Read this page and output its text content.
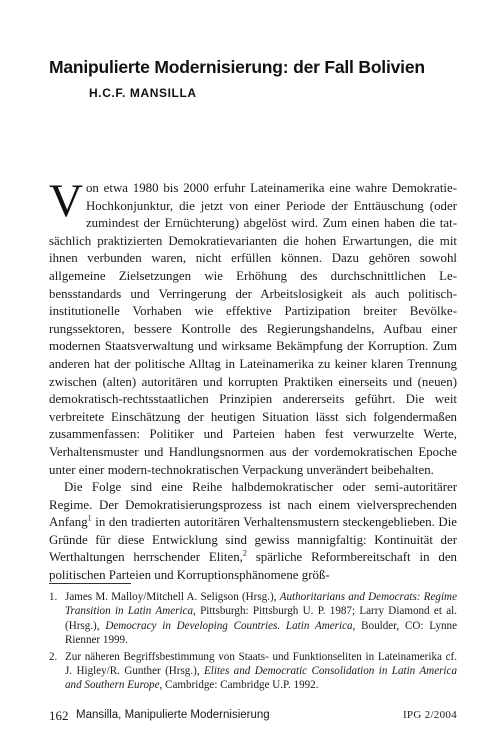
Manipulierte Modernisierung: der Fall Bolivien
H.C.F. MANSILLA

Von etwa 1980 bis 2000 erfuhr Lateinamerika eine wahre Demokratie-Hochkonjunktur, die jetzt von einer Periode der Enttäuschung (oder zumindest der Ernüchterung) abgelöst wird. Zum einen haben die tatsächlich praktizierten Demokratievarianten die hohen Erwartungen, die mit ihnen verbunden waren, nicht erfüllen können. Dazu gehören sowohl allgemeine Zielsetzungen wie Erhöhung des durchschnittlichen Lebensstandards und Verringerung der Arbeitslosigkeit als auch politisch-institutionelle Vorhaben wie effektive Partizipation breiter Bevölkerungssektoren, bessere Kontrolle des Regierungshandelns, Aufbau einer modernen Staatsverwaltung und wirksame Bekämpfung der Korruption. Zum anderen hat der politische Alltag in Lateinamerika zu keiner klaren Trennung zwischen (alten) autoritären und korrupten Praktiken einerseits und (neuen) demokratisch-rechtsstaatlichen Prinzipien andererseits geführt. Die weit verbreitete Einschätzung der heutigen Situation lässt sich folgendermaßen zusammenfassen: Politiker und Parteien haben fest verwurzelte Werte, Verhaltensmuster und Handlungsnormen aus der vordemokratischen Epoche unter einer modern-technokratischen Verpackung unverändert beibehalten.

Die Folge sind eine Reihe halbdemokratischer oder semi-autoritärer Regime. Der Demokratisierungsprozess ist nach einem vielversprechenden Anfang$^1$ in den tradierten autoritären Verhaltensmustern steckengeblieben. Die Gründe für diese Entwicklung sind gewiss mannigfaltig: Kontinuität der Werthaltungen herrschender Eliten,$^2$ spärliche Reformbereitschaft in den politischen Parteien und Korruptionsphänomene größ-

1. James M. Malloy/Mitchell A. Seligson (Hrsg.), Authoritarians and Democrats: Regime Transition in Latin America, Pittsburgh: Pittsburgh U. P. 1987; Larry Diamond et al. (Hrsg.), Democracy in Developing Countries. Latin America, Boulder, CO: Lynne Rienner 1999.

2. Zur näheren Begriffsbestimmung von Staats- und Funktionseliten in Lateinamerika cf. J. Higley/R. Gunther (Hrsg.), Elites and Democratic Consolidation in Latin America and Southern Europe, Cambridge: Cambridge U.P. 1992.

162 Mansilla, Manipulierte Modernisierung	IPG 2/2004
